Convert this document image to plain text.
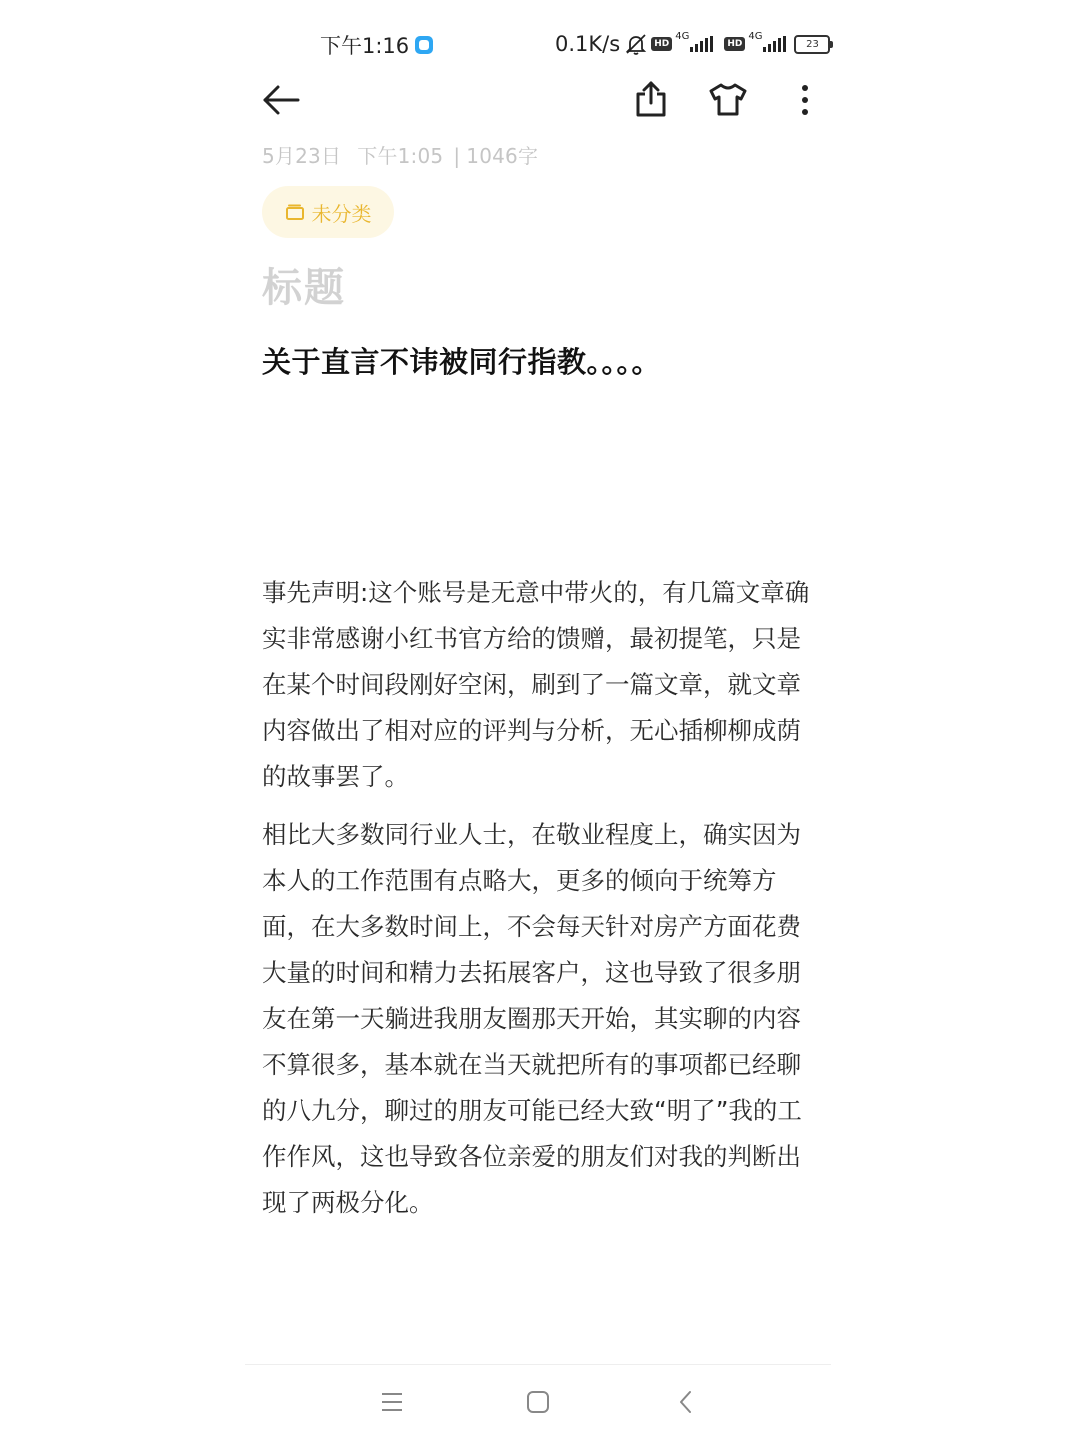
下午1:16	0.1K/s	HD
4G
HD
4G
23
5月23日 下午1:05 | 1046字
未分类
标题
关于直言不讳被同行指教。。。。

事先声明:这个账号是无意中带火的，有几篇文章确实非常感谢小红书官方给的馈赠，最初提笔，只是在某个时间段刚好空闲，刷到了一篇文章，就文章内容做出了相对应的评判与分析，无心插柳柳成荫的故事罢了。

相比大多数同行业人士，在敬业程度上，确实因为本人的工作范围有点略大，更多的倾向于统筹方面，在大多数时间上，不会每天针对房产方面花费大量的时间和精力去拓展客户，这也导致了很多朋友在第一天躺进我朋友圈那天开始，其实聊的内容不算很多，基本就在当天就把所有的事项都已经聊的八九分，聊过的朋友可能已经大致“明了”我的工作作风，这也导致各位亲爱的朋友们对我的判断出现了两极分化。
